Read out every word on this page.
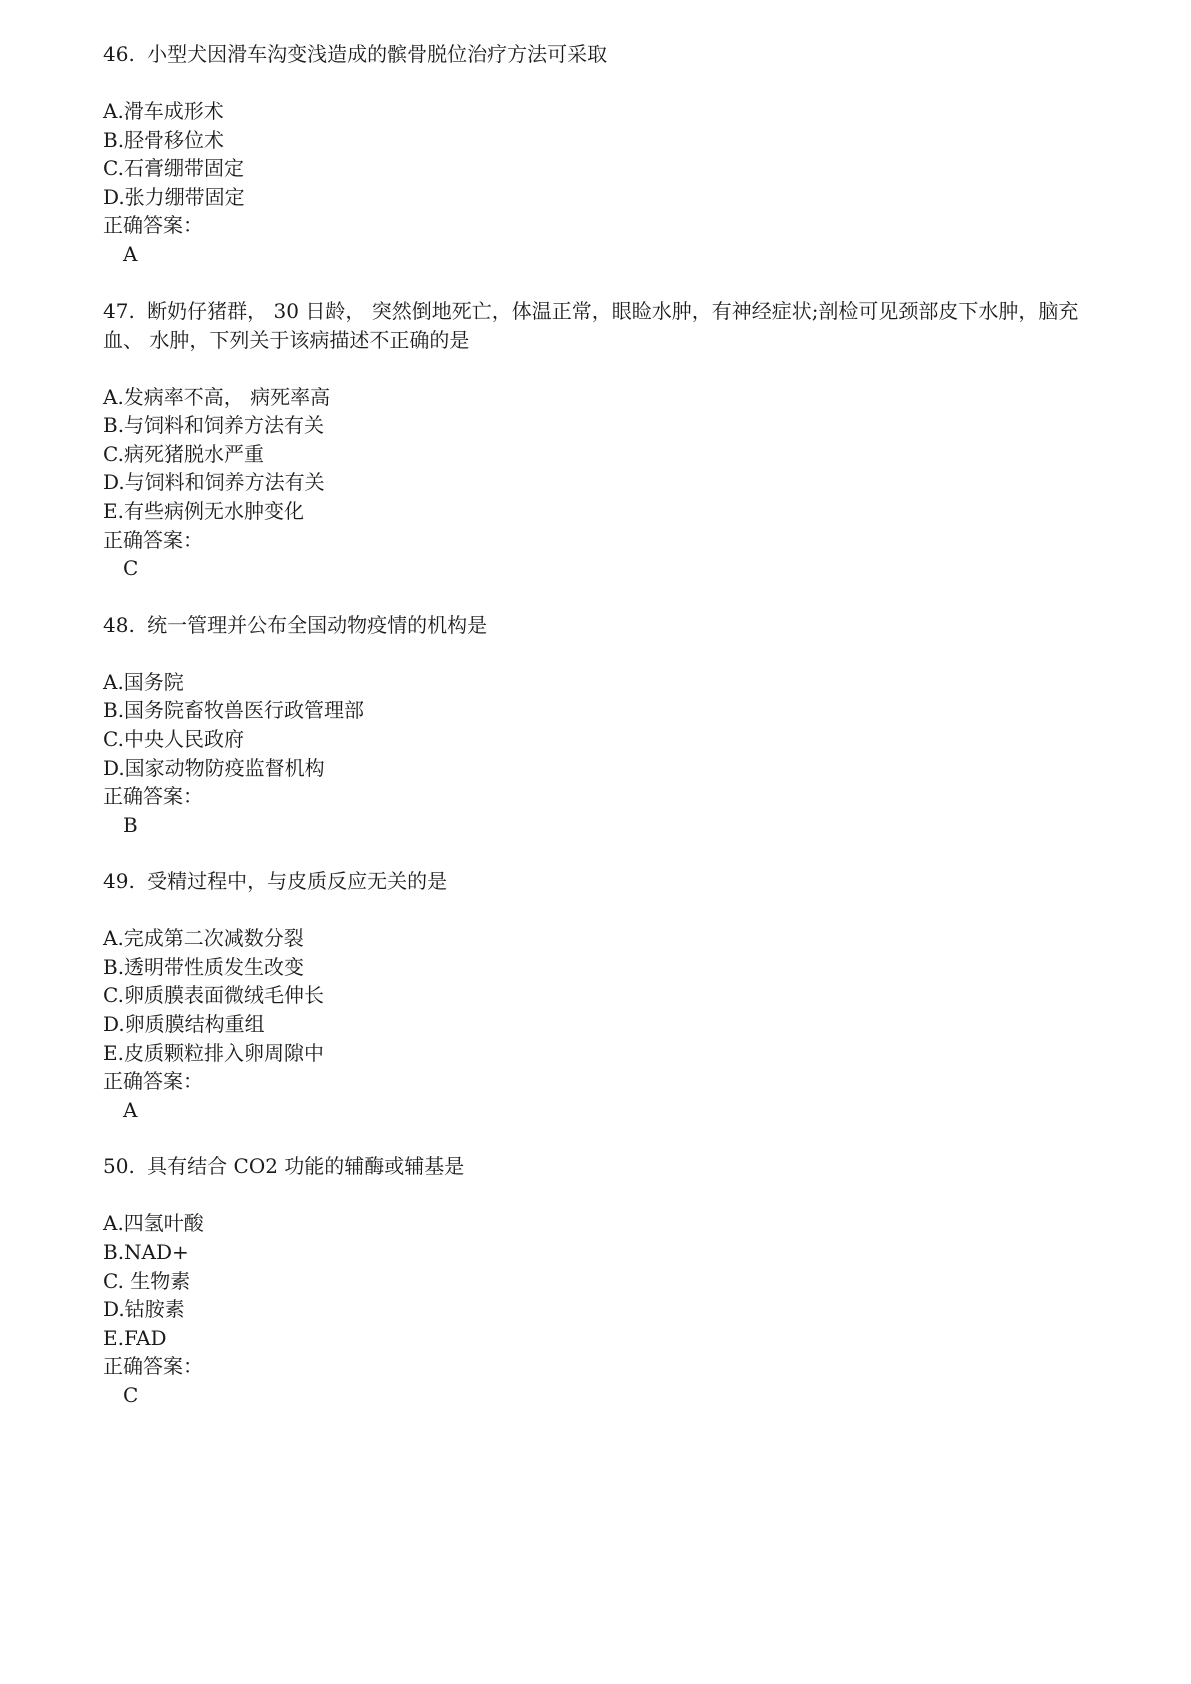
46. 小型犬因滑车沟变浅造成的髌骨脱位治疗方法可采取

A.滑车成形术

B.胫骨移位术

C.石膏绷带固定

D.张力绷带固定

正确答案：

A

47. 断奶仔猪群， 30 日龄， 突然倒地死亡，体温正常，眼睑水肿，有神经症状;剖检可见颈部皮下水肿，脑充血、 水肿，下列关于该病描述不正确的是

A.发病率不高， 病死率高

B.与饲料和饲养方法有关

C.病死猪脱水严重

D.与饲料和饲养方法有关

E.有些病例无水肿变化

正确答案：

C

48. 统一管理并公布全国动物疫情的机构是

A.国务院

B.国务院畜牧兽医行政管理部

C.中央人民政府

D.国家动物防疫监督机构

正确答案：

B

49. 受精过程中，与皮质反应无关的是

A.完成第二次减数分裂

B.透明带性质发生改变

C.卵质膜表面微绒毛伸长

D.卵质膜结构重组

E.皮质颗粒排入卵周隙中

正确答案：

A

50. 具有结合 CO2 功能的辅酶或辅基是

A.四氢叶酸

B.NAD+

C. 生物素

D.钴胺素

E.FAD

正确答案：

C
